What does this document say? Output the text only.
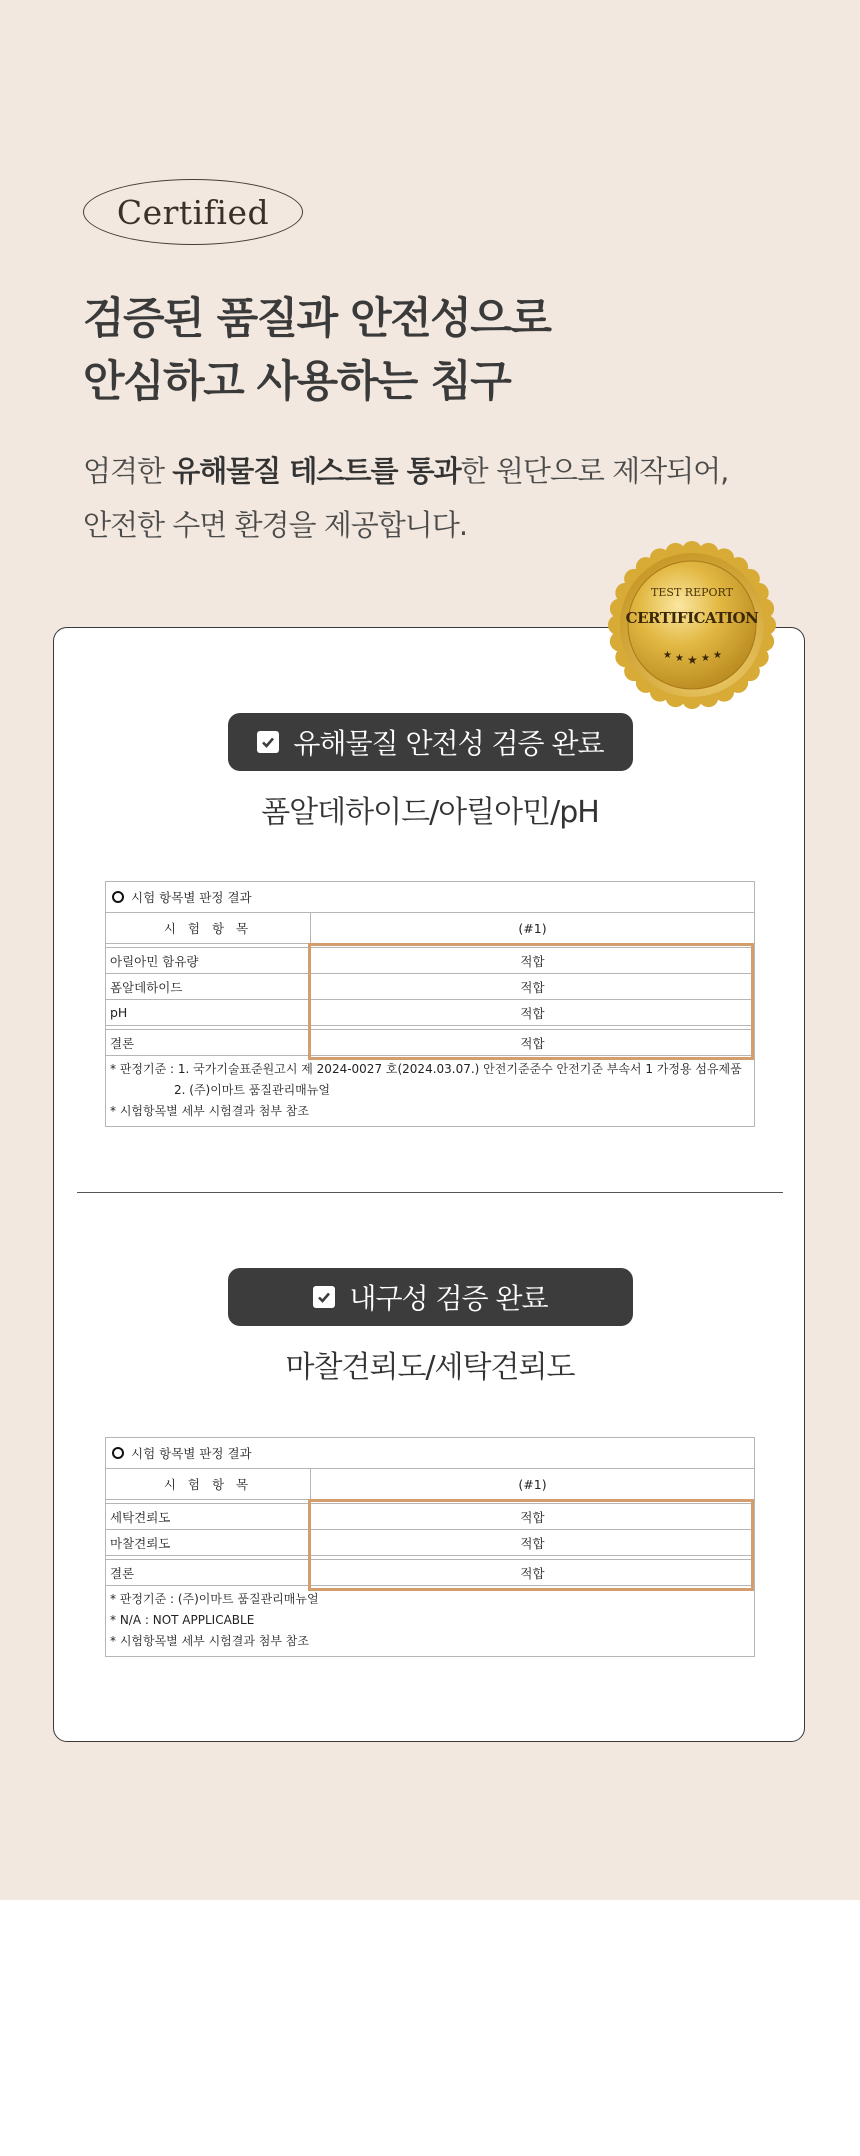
Certified
검증된 품질과 안전성으로
안심하고 사용하는 침구
엄격한 유해물질 테스트를 통과한 원단으로 제작되어,
안전한 수면 환경을 제공합니다.
TEST REPORT
CERTIFICATION
★ ★ ★ ★ ★
유해물질 안전성 검증 완료
폼알데하이드/아릴아민/pH
시험 항목별 판정 결과
시 험 항 목	(#1)

아릴아민 함유량	적합
폼알데하이드	적합
pH	적합

결론	적합
* 판정기준 : 1. 국가기술표준원고시 제 2024-0027 호(2024.03.07.) 안전기준준수 안전기준 부속서 1 가정용 섬유제품
2. (주)이마트 품질관리매뉴얼
* 시험항목별 세부 시험결과 첨부 참조
내구성 검증 완료
마찰견뢰도/세탁견뢰도
시험 항목별 판정 결과
시 험 항 목	(#1)

세탁견뢰도	적합
마찰견뢰도	적합

결론	적합
* 판정기준 : (주)이마트 품질관리매뉴얼
* N/A : NOT APPLICABLE
* 시험항목별 세부 시험결과 첨부 참조
